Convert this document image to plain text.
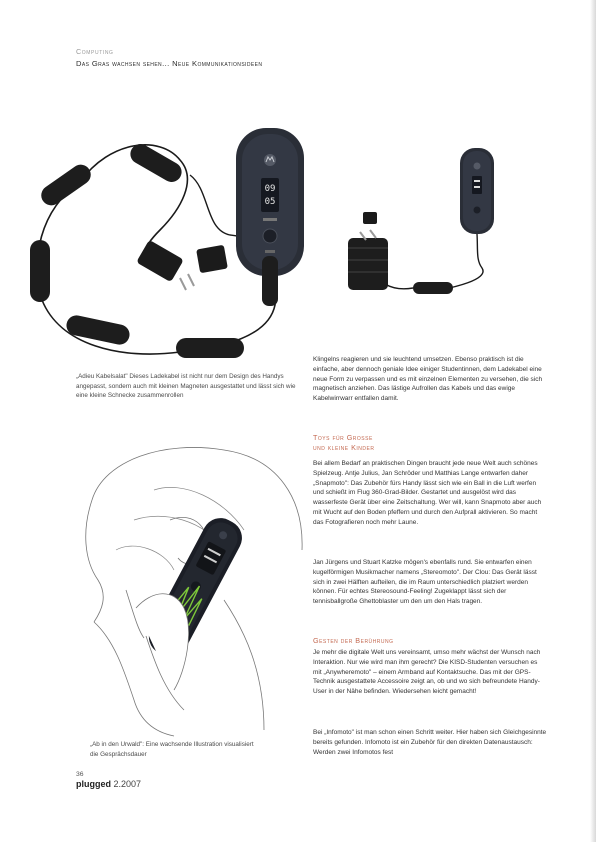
Computing
Das Gras wachsen sehen... Neue Kommunikationsideen
09
05
„Adieu Kabelsalat" Dieses Ladekabel ist nicht nur dem Design des Handys angepasst, sondern auch mit kleinen Magneten ausgestattet und lässt sich wie eine kleine Schnecke zusammenrollen
„Ab in den Urwald": Eine wachsende Illustration visualisiert die Gesprächsdauer

Klingelns reagieren und sie leuchtend umsetzen. Ebenso praktisch ist die einfache, aber dennoch geniale Idee einiger Studentinnen, dem Ladekabel eine neue Form zu verpassen und es mit einzelnen Elementen zu versehen, die sich magnetisch anziehen. Das lästige Aufrollen das Kabels und das ewige Kabelwirrwarr entfallen damit.

Toys für Grosse
und kleine Kinder

Bei allem Bedarf an praktischen Dingen braucht jede neue Welt auch schönes Spielzeug. Antje Julius, Jan Schröder und Matthias Lange entwarfen daher „Snapmoto": Das Zubehör fürs Handy lässt sich wie ein Ball in die Luft werfen und schießt im Flug 360-Grad-Bilder. Gestartet und ausgelöst wird das wasserfeste Gerät über eine Zeitschaltung. Wer will, kann Snapmoto aber auch mit Wucht auf den Boden pfeffern und durch den Aufprall aktivieren. So macht das Fotografieren noch mehr Laune.

Jan Jürgens und Stuart Katzke mögen's ebenfalls rund. Sie entwarfen einen kugelförmigen Musikmacher namens „Stereomoto". Der Clou: Das Gerät lässt sich in zwei Hälften aufteilen, die im Raum unterschiedlich platziert werden können. Für echtes Stereosound-Feeling! Zugeklappt lässt sich der tennisballgroße Ghettoblaster um den um den Hals tragen.

Gesten der Berührung

Je mehr die digitale Welt uns vereinsamt, umso mehr wächst der Wunsch nach Interaktion. Nur wie wird man ihm gerecht? Die KISD-Studenten versuchen es mit „Anywheremoto" – einem Armband auf Kontaktsuche. Das mit der GPS-Technik ausgestattete Accessoire zeigt an, ob und wo sich befreundete Handy-User in der Nähe befinden. Wiedersehen leicht gemacht!

Bei „Infomoto" ist man schon einen Schritt weiter. Hier haben sich Gleichgesinnte bereits gefunden. Infomoto ist ein Zubehör für den direkten Datenaustausch: Werden zwei Infomotos fest

36
plugged 2.2007
